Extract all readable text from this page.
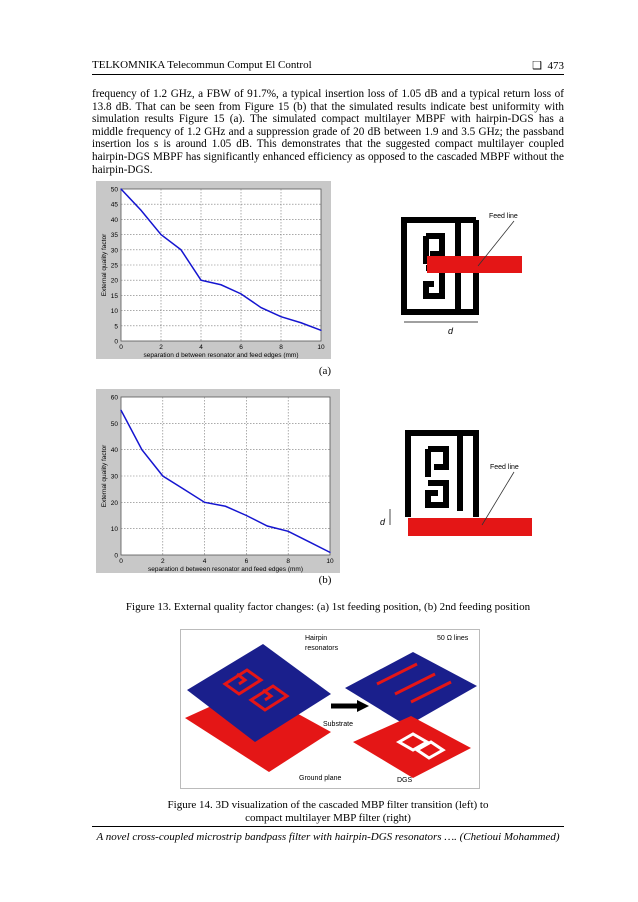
TELKOMNIKA Telecommun Comput El Control	❑ 473
frequency of 1.2 GHz, a FBW of 91.7%, a typical insertion loss of 1.05 dB and a typical return loss of 13.8 dB. That can be seen from Figure 15 (b) that the simulated results indicate best uniformity with simulation results Figure 15 (a). The simulated compact multilayer MBPF with hairpin-DGS has a middle frequency of 1.2 GHz and a suppression grade of 20 dB between 1.9 and 3.5 GHz; the passband insertion los s is around 1.05 dB. This demonstrates that the suggested compact multilayer coupled hairpin-DGS MBPF has significantly enhanced efficiency as opposed to the cascaded MBPF without the hairpin-DGS.
0	2	4	6	8	10
0
5
10
15
20
25
30
35
40
45
50
separation d between resonator and feed edges (mm)
External quality factor
(a)
Feed line
d
0	2	4	6	8	10
0
10
20
30
40
50
60
separation d between resonator and feed edges (mm)
External quality factor
(b)
Feed line
d
Figure 13. External quality factor changes: (a) 1st feeding position, (b) 2nd feeding position
Hairpin
resonators
50 Ω lines
Substrate
Ground plane	DGS
Figure 14. 3D visualization of the cascaded MBP filter transition (left) to
compact multilayer MBP filter (right)
A novel cross-coupled microstrip bandpass filter with hairpin-DGS resonators …. (Chetioui Mohammed)
